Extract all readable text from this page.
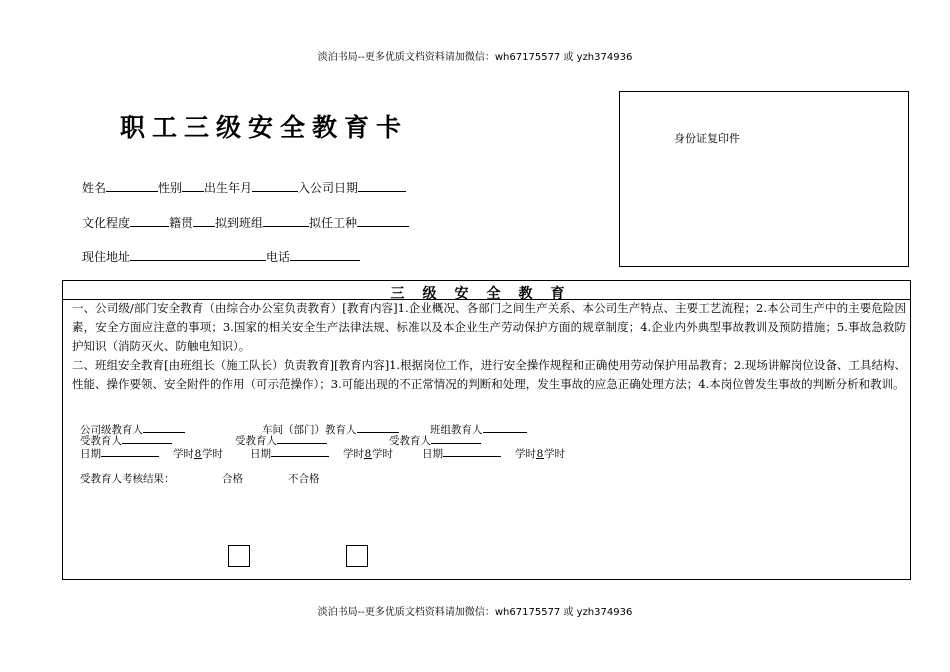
淡泊书局--更多优质文档资料请加微信：wh67175577 或 yzh374936
职工三级安全教育卡	身份证复印件
姓名	性别 出生年月	入公司日期
文化程度	籍贯 拟到班组	拟任工种
现住地址	电话
三级安全教育
一、公司级/部门安全教育（由综合办公室负责教育）[教育内容]1.企业概况、各部门之间生产关系、本公司生产特点、主要工艺流程；2.本公司生产中的主要危险因素，安全方面应注意的事项；3.国家的相关安全生产法律法规、标准以及本企业生产劳动保护方面的规章制度；4.企业内外典型事故教训及预防措施；5.事故急救防护知识（消防灭火、防触电知识）。
二、班组安全教育[由班组长（施工队长）负责教育][教育内容]1.根据岗位工作，进行安全操作规程和正确使用劳动保护用品教育；2.现场讲解岗位设备、工具结构、性能、操作要领、安全附件的作用（可示范操作）；3.可能出现的不正常情况的判断和处理，发生事故的应急正确处理方法；4.本岗位曾发生事故的判断分析和教训。
公司级教育人	车间（部门）教育人	班组教育人
受教育人	受教育人	受教育人
日期	学时8学时	日期	学时8学时	日期	学时8学时
受教育人考核结果：	合格	不合格
淡泊书局--更多优质文档资料请加微信：wh67175577 或 yzh374936
